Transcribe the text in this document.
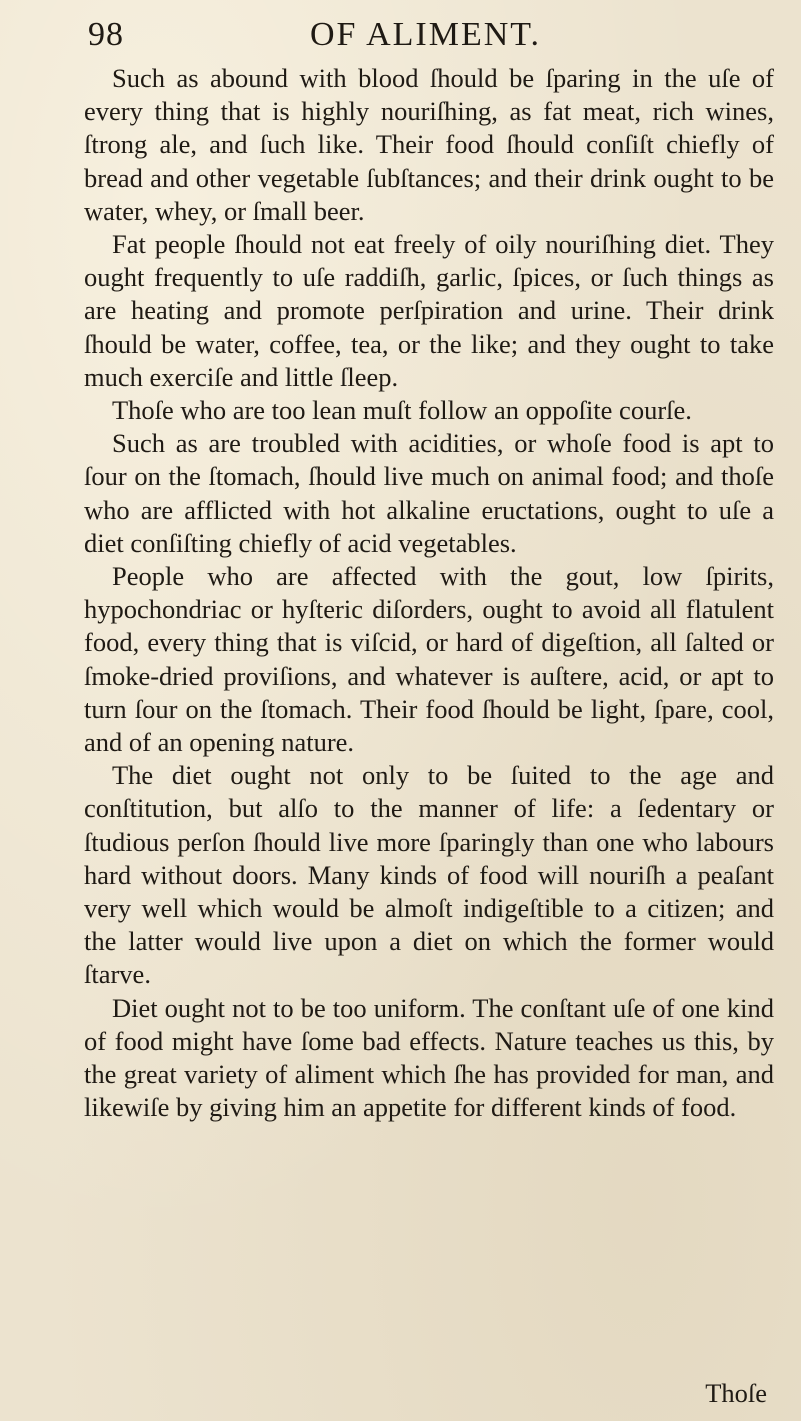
98	OF ALIMENT.

Such as abound with blood ſhould be ſparing in the uſe of every thing that is highly nouriſhing, as fat meat, rich wines, ſtrong ale, and ſuch like. Their food ſhould conſiſt chiefly of bread and other vegetable ſubſtances; and their drink ought to be water, whey, or ſmall beer.

Fat people ſhould not eat freely of oily nouriſhing diet. They ought frequently to uſe raddiſh, garlic, ſpices, or ſuch things as are heating and promote perſpiration and urine. Their drink ſhould be water, coffee, tea, or the like; and they ought to take much exerciſe and little ſleep.

Thoſe who are too lean muſt follow an oppoſite courſe.

Such as are troubled with acidities, or whoſe food is apt to ſour on the ſtomach, ſhould live much on animal food; and thoſe who are afflicted with hot alkaline eructations, ought to uſe a diet conſiſting chiefly of acid vegetables.

People who are affected with the gout, low ſpirits, hypochondriac or hyſteric diſorders, ought to avoid all flatulent food, every thing that is viſcid, or hard of digeſtion, all ſalted or ſmoke-dried proviſions, and whatever is auſtere, acid, or apt to turn ſour on the ſtomach. Their food ſhould be light, ſpare, cool, and of an opening nature.

The diet ought not only to be ſuited to the age and conſtitution, but alſo to the manner of life: a ſedentary or ſtudious perſon ſhould live more ſparingly than one who labours hard without doors. Many kinds of food will nouriſh a peaſant very well which would be almoſt indigeſtible to a citizen; and the latter would live upon a diet on which the former would ſtarve.

Diet ought not to be too uniform. The conſtant uſe of one kind of food might have ſome bad effects. Nature teaches us this, by the great variety of aliment which ſhe has provided for man, and likewiſe by giving him an appetite for different kinds of food.

Thoſe
